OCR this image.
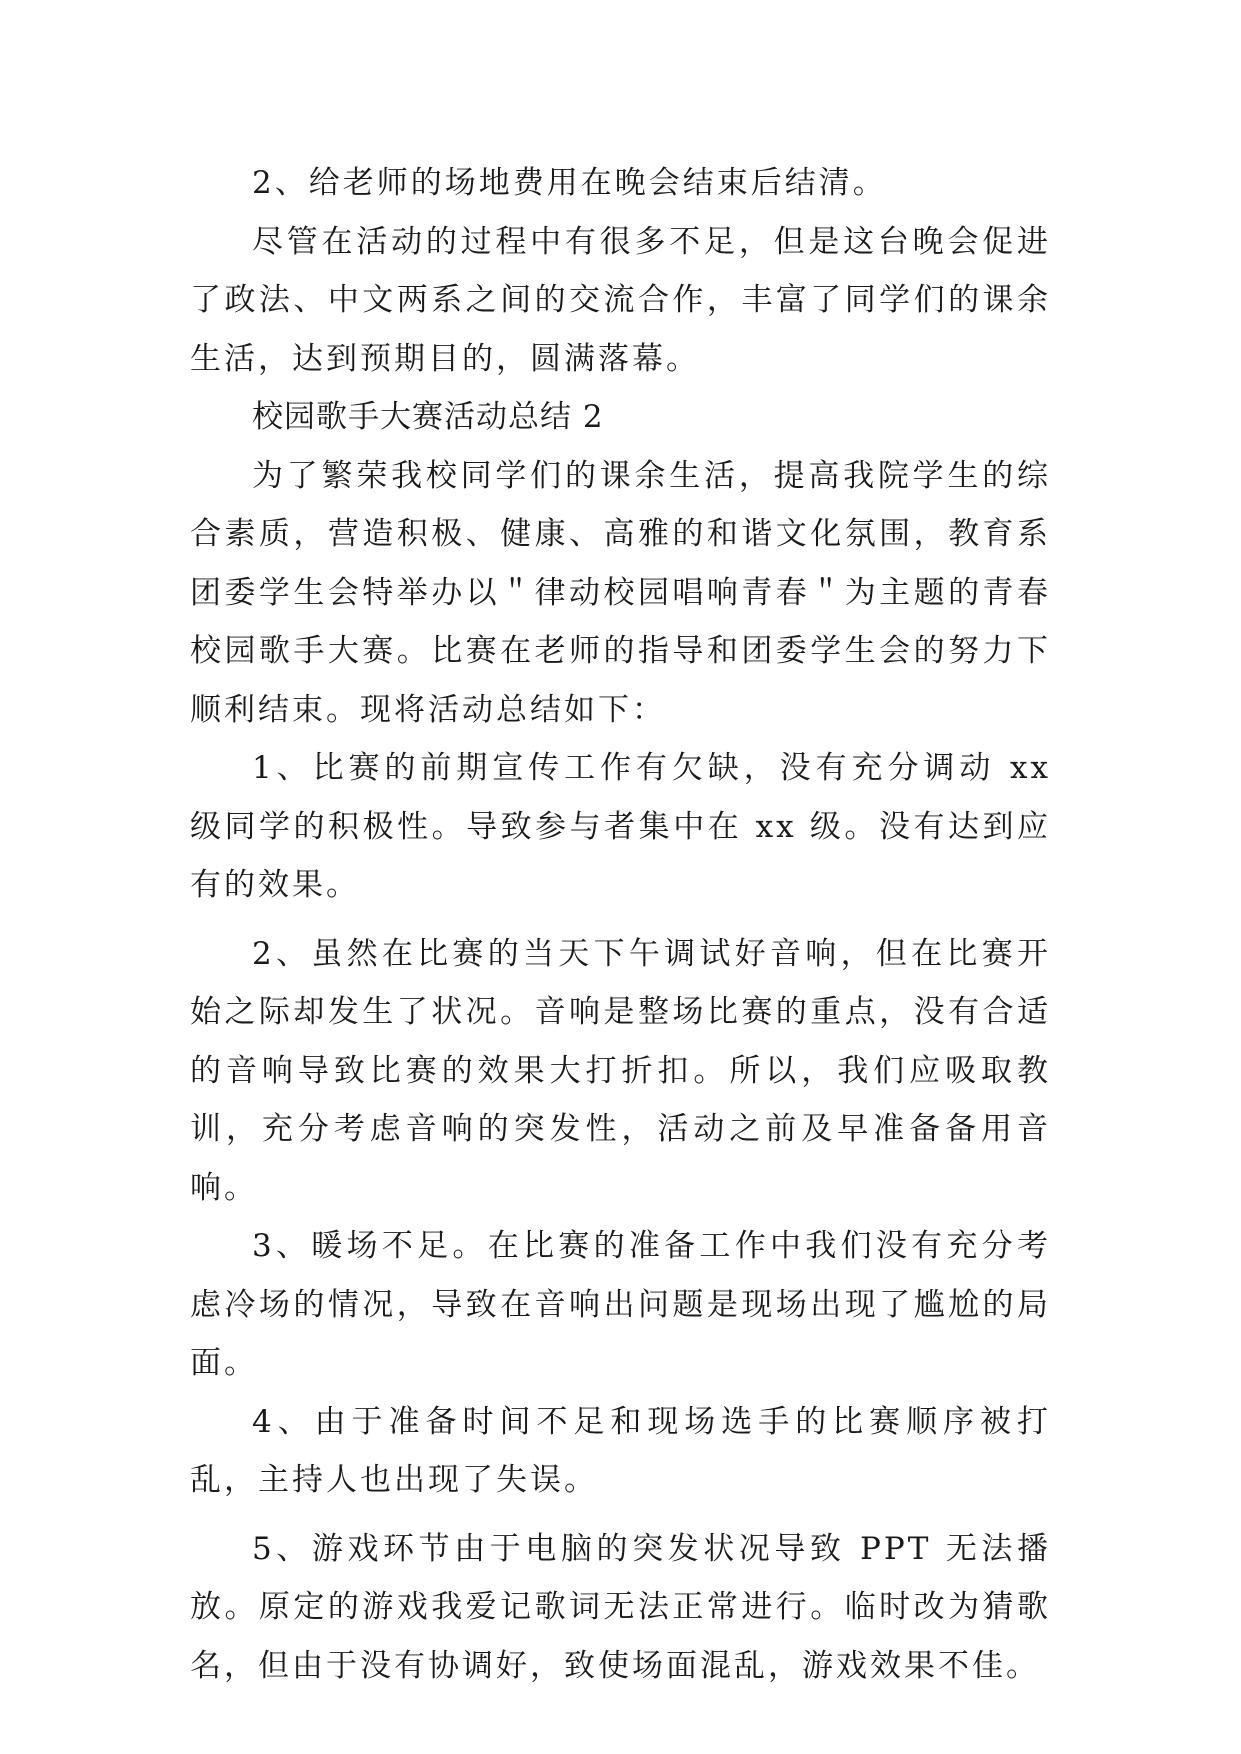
2、给老师的场地费用在晚会结束后结清。

尽管在活动的过程中有很多不足，但是这台晚会促进了政法、中文两系之间的交流合作，丰富了同学们的课余生活，达到预期目的，圆满落幕。

校园歌手大赛活动总结 2

为了繁荣我校同学们的课余生活，提高我院学生的综合素质，营造积极、健康、高雅的和谐文化氛围，教育系团委学生会特举办以＂律动校园唱响青春＂为主题的青春校园歌手大赛。比赛在老师的指导和团委学生会的努力下顺利结束。现将活动总结如下：

1、比赛的前期宣传工作有欠缺，没有充分调动 xx 级同学的积极性。导致参与者集中在 xx 级。没有达到应有的效果。

2、虽然在比赛的当天下午调试好音响，但在比赛开始之际却发生了状况。音响是整场比赛的重点，没有合适的音响导致比赛的效果大打折扣。所以，我们应吸取教训，充分考虑音响的突发性，活动之前及早准备备用音响。

3、暖场不足。在比赛的准备工作中我们没有充分考虑冷场的情况，导致在音响出问题是现场出现了尴尬的局面。

4、由于准备时间不足和现场选手的比赛顺序被打乱，主持人也出现了失误。

5、游戏环节由于电脑的突发状况导致 PPT 无法播放。原定的游戏我爱记歌词无法正常进行。临时改为猜歌名，但由于没有协调好，致使场面混乱，游戏效果不佳。
